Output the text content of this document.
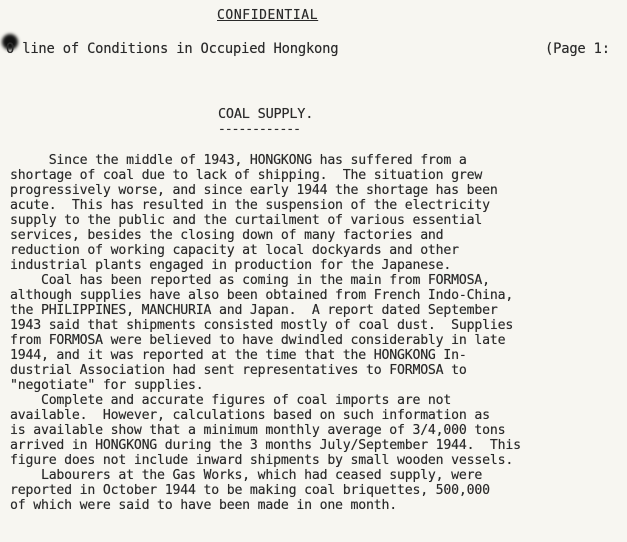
CONFIDENTIAL
O line of Conditions in Occupied Hongkong	(Page 1:
COAL SUPPLY.
------------
Since the middle of 1943, HONGKONG has suffered from a
shortage of coal due to lack of shipping.  The situation grew
progressively worse, and since early 1944 the shortage has been
acute.  This has resulted in the suspension of the electricity
supply to the public and the curtailment of various essential
services, besides the closing down of many factories and
reduction of working capacity at local dockyards and other
industrial plants engaged in production for the Japanese.
Coal has been reported as coming in the main from FORMOSA,
although supplies have also been obtained from French Indo-China,
the PHILIPPINES, MANCHURIA and Japan.  A report dated September
1943 said that shipments consisted mostly of coal dust.  Supplies
from FORMOSA were believed to have dwindled considerably in late
1944, and it was reported at the time that the HONGKONG In-
dustrial Association had sent representatives to FORMOSA to
"negotiate" for supplies.
Complete and accurate figures of coal imports are not
available.  However, calculations based on such information as
is available show that a minimum monthly average of 3/4,000 tons
arrived in HONGKONG during the 3 months July/September 1944.  This
figure does not include inward shipments by small wooden vessels.
Labourers at the Gas Works, which had ceased supply, were
reported in October 1944 to be making coal briquettes, 500,000
of which were said to have been made in one month.
